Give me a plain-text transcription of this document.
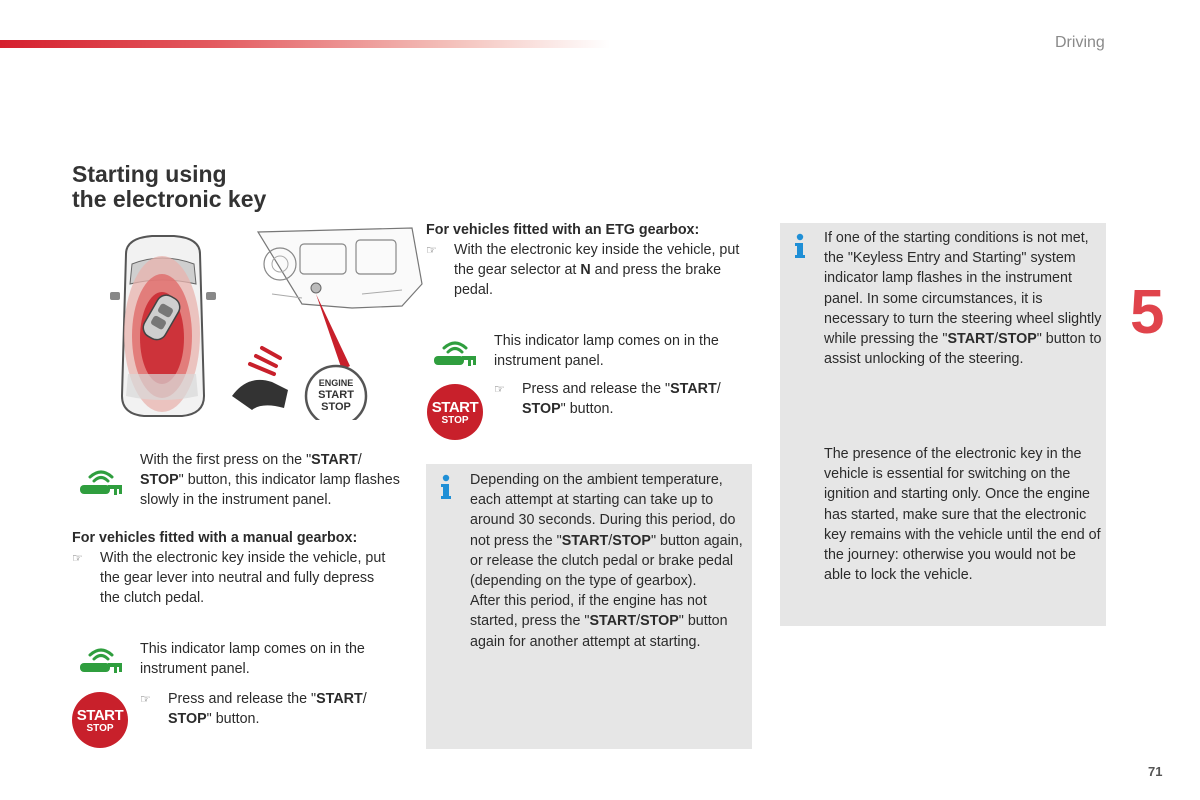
Driving
5
71
Starting using
the electronic key
ENGINE
START
STOP
With the first press on the "START/ STOP" button, this indicator lamp flashes slowly in the instrument panel.
For vehicles fitted with a manual gearbox:
☞	With the electronic key inside the vehicle, put the gear lever into neutral and fully depress the clutch pedal.
This indicator lamp comes on in the instrument panel.
☞	Press and release the "START/ STOP" button.
START
STOP
For vehicles fitted with an ETG gearbox:
☞	With the electronic key inside the vehicle, put the gear selector at N and press the brake pedal.
This indicator lamp comes on in the instrument panel.
☞	Press and release the "START/ STOP" button.
START
STOP
Depending on the ambient temperature, each attempt at starting can take up to around 30 seconds. During this period, do not press the "START/STOP" button again, or release the clutch pedal or brake pedal (depending on the type of gearbox).
After this period, if the engine has not started, press the "START/STOP" button again for another attempt at starting.
If one of the starting conditions is not met, the "Keyless Entry and Starting" system indicator lamp flashes in the instrument panel. In some circumstances, it is necessary to turn the steering wheel slightly while pressing the "START/STOP" button to assist unlocking of the steering.
The presence of the electronic key in the vehicle is essential for switching on the ignition and starting only. Once the engine has started, make sure that the electronic key remains with the vehicle until the end of the journey: otherwise you would not be able to lock the vehicle.
